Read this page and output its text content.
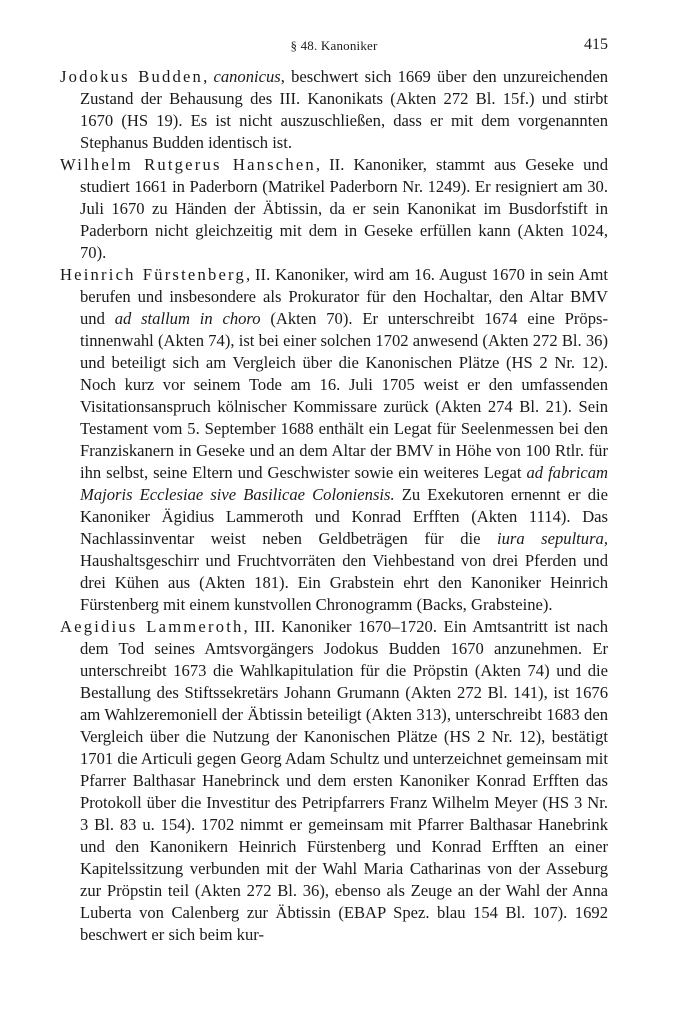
§ 48. Kanoniker	415

Jodokus Budden, canonicus, beschwert sich 1669 über den unzureichenden Zustand der Behausung des III. Kanonikats (Akten 272 Bl. 15f.) und stirbt 1670 (HS 19). Es ist nicht auszuschließen, dass er mit dem vorgenannten Stephanus Budden identisch ist.

Wilhelm Rutgerus Hanschen, II. Kanoniker, stammt aus Geseke und studiert 1661 in Paderborn (Matrikel Paderborn Nr. 1249). Er resigniert am 30. Juli 1670 zu Händen der Äbtissin, da er sein Kanonikat im Busdorfstift in Paderborn nicht gleichzeitig mit dem in Geseke erfüllen kann (Akten 1024, 70).

Heinrich Fürstenberg, II. Kanoniker, wird am 16. August 1670 in sein Amt berufen und insbesondere als Prokurator für den Hochaltar, den Altar BMV und ad stallum in choro (Akten 70). Er unterschreibt 1674 eine Pröpstinnenwahl (Akten 74), ist bei einer solchen 1702 anwesend (Akten 272 Bl. 36) und beteiligt sich am Vergleich über die Kanonischen Plätze (HS 2 Nr. 12). Noch kurz vor seinem Tode am 16. Juli 1705 weist er den umfassenden Visitationsanspruch kölnischer Kommissare zurück (Akten 274 Bl. 21). Sein Testament vom 5. September 1688 enthält ein Legat für Seelenmessen bei den Franziskanern in Geseke und an dem Altar der BMV in Höhe von 100 Rtlr. für ihn selbst, seine Eltern und Geschwister sowie ein weiteres Legat ad fabricam Majoris Ecclesiae sive Basilicae Coloniensis. Zu Exekutoren ernennt er die Kanoniker Ägidius Lammeroth und Konrad Erfften (Akten 1114). Das Nachlassinventar weist neben Geldbeträgen für die iura sepultura, Haushaltsgeschirr und Fruchtvorräten den Viehbestand von drei Pferden und drei Kühen aus (Akten 181). Ein Grabstein ehrt den Kanoniker Heinrich Fürstenberg mit einem kunstvollen Chronogramm (Backs, Grabsteine).

Aegidius Lammeroth, III. Kanoniker 1670–1720. Ein Amtsantritt ist nach dem Tod seines Amtsvorgängers Jodokus Budden 1670 anzunehmen. Er unterschreibt 1673 die Wahlkapitulation für die Pröpstin (Akten 74) und die Bestallung des Stiftssekretärs Johann Grumann (Akten 272 Bl. 141), ist 1676 am Wahlzeremoniell der Äbtissin beteiligt (Akten 313), unterschreibt 1683 den Vergleich über die Nutzung der Kanonischen Plätze (HS 2 Nr. 12), bestätigt 1701 die Articuli gegen Georg Adam Schultz und unterzeichnet gemeinsam mit Pfarrer Balthasar Hanebrinck und dem ersten Kanoniker Konrad Erfften das Protokoll über die Investitur des Petripfarrers Franz Wilhelm Meyer (HS 3 Nr. 3 Bl. 83 u. 154). 1702 nimmt er gemeinsam mit Pfarrer Balthasar Hanebrink und den Kanonikern Heinrich Fürstenberg und Konrad Erfften an einer Kapitelssitzung verbunden mit der Wahl Maria Catharinas von der Asseburg zur Pröpstin teil (Akten 272 Bl. 36), ebenso als Zeuge an der Wahl der Anna Luberta von Calenberg zur Äbtissin (EBAP Spez. blau 154 Bl. 107). 1692 beschwert er sich beim kur-
